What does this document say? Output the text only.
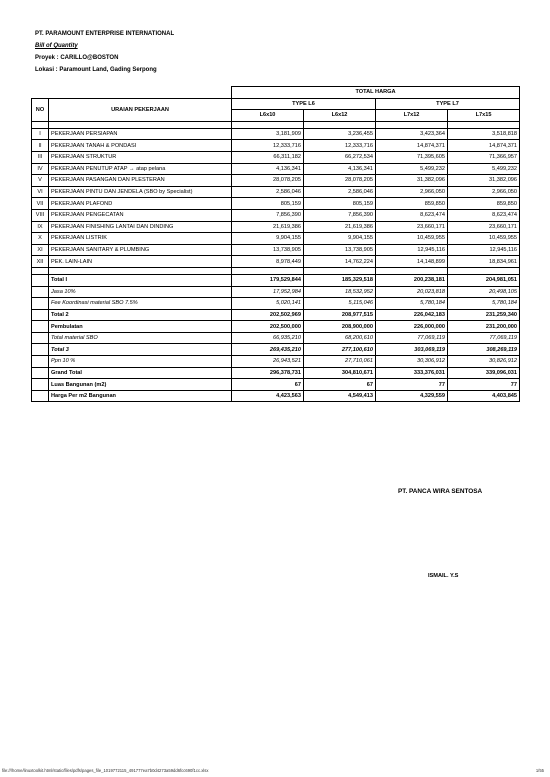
PT. PARAMOUNT ENTERPRISE INTERNATIONAL
Bill of Quantity
Proyek : CARILLO@BOSTON
Lokasi : Paramount Land, Gading Serpong
		TOTAL HARGA			
NO	URAIAN PEKERJAAN	TYPE L6		TYPE L7	
		L6x10	L6x12	L7x12	L7x15

I	PEKERJAAN PERSIAPAN	3,181,909	3,236,455	3,423,364	3,518,818
II	PEKERJAAN TANAH & PONDASI	12,333,716	12,333,716	14,874,371	14,874,371
III	PEKERJAAN STRUKTUR	66,311,182	66,272,534	71,395,605	71,366,957
IV	PEKERJAAN PENUTUP ATAP → atap pelana	4,136,341	4,136,341	5,499,232	5,499,232
V	PEKERJAAN PASANGAN DAN PLESTERAN	28,078,205	28,078,205	31,382,096	31,382,096
VI	PEKERJAAN PINTU DAN JENDELA (SBO by Specialist)	2,586,046	2,586,046	2,966,050	2,966,050
VII	PEKERJAAN PLAFOND	805,159	805,159	859,850	859,850
VIII	PEKERJAAN PENGECATAN	7,856,390	7,856,390	8,623,474	8,623,474
IX	PEKERJAAN FINISHING LANTAI DAN DINDING	21,619,386	21,619,386	23,660,171	23,660,171
X	PEKERJAAN LISTRIK	9,904,155	9,904,155	10,459,955	10,459,955
XI	PEKERJAAN SANITARY & PLUMBING	13,738,905	13,738,905	12,945,116	12,945,116
XII	PEK. LAIN-LAIN	8,978,449	14,762,224	14,148,899	18,834,961

	Total I	179,529,844	185,329,518	200,238,181	204,981,051
	Jasa 10%	17,952,984	18,532,952	20,023,818	20,498,105
	Fee Koordinasi material SBO 7.5%	5,020,141	5,115,046	5,780,184	5,780,184
	Total 2	202,502,969	208,977,515	226,042,183	231,259,340
	Pembulatan	202,500,000	208,900,000	226,000,000	231,200,000
	Total material SBO	66,935,210	68,200,610	77,069,119	77,069,119
	Total 3	269,435,210	277,100,610	303,069,119	308,269,119
	Ppn 10 %	26,943,521	27,710,061	30,306,912	30,826,912
	Grand Total	296,378,731	304,810,671	333,376,031	339,096,031
	Luas Bangunan (m2)	67	67	77	77
	Harga Per m2 Bangunan	4,423,563	4,549,413	4,329,559	4,403,845
PT. PANCA WIRA SENTOSA
ISMAIL. Y.S
file:///home/linuxtoolkit.html/static/files/pdfs/pages_file_1019772115_491777ea7b0d4273a59dd6fcc690f1cc.xlsx	1/55
